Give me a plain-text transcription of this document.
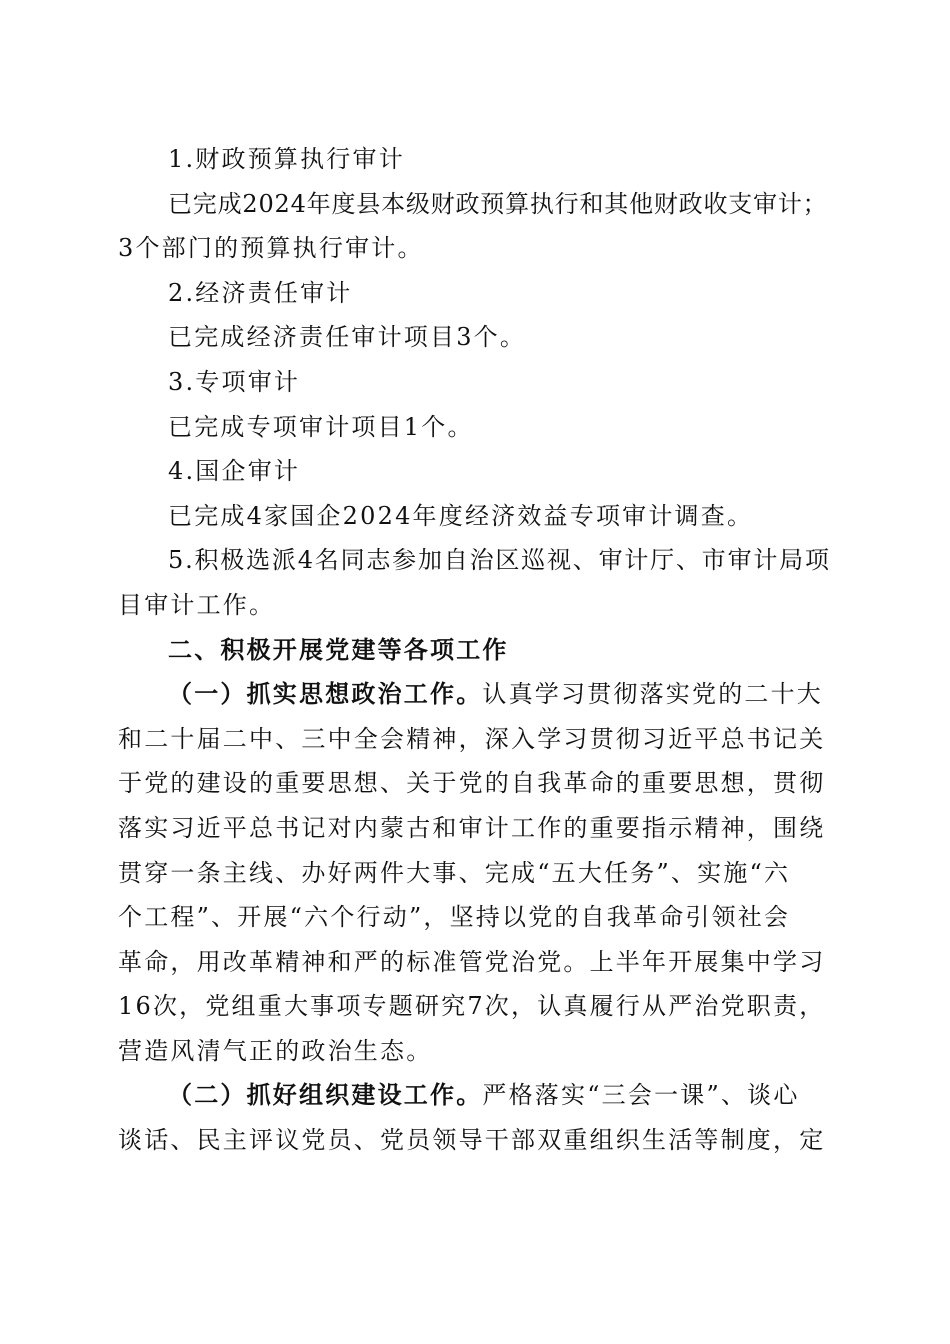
1.财政预算执行审计
已完成2024年度县本级财政预算执行和其他财政收支审计；
3个部门的预算执行审计。
2.经济责任审计
已完成经济责任审计项目3个。
3.专项审计
已完成专项审计项目1个。
4.国企审计
已完成4家国企2024年度经济效益专项审计调查。
5.积极选派4名同志参加自治区巡视、审计厅、市审计局项
目审计工作。
二、积极开展党建等各项工作
（一）抓实思想政治工作。认真学习贯彻落实党的二十大
和二十届二中、三中全会精神，深入学习贯彻习近平总书记关
于党的建设的重要思想、关于党的自我革命的重要思想，贯彻
落实习近平总书记对内蒙古和审计工作的重要指示精神，围绕
贯穿一条主线、办好两件大事、完成“五大任务”、实施“六
个工程”、开展“六个行动”，坚持以党的自我革命引领社会
革命，用改革精神和严的标准管党治党。上半年开展集中学习
16次，党组重大事项专题研究7次，认真履行从严治党职责，
营造风清气正的政治生态。
（二）抓好组织建设工作。严格落实“三会一课”、谈心
谈话、民主评议党员、党员领导干部双重组织生活等制度，定
